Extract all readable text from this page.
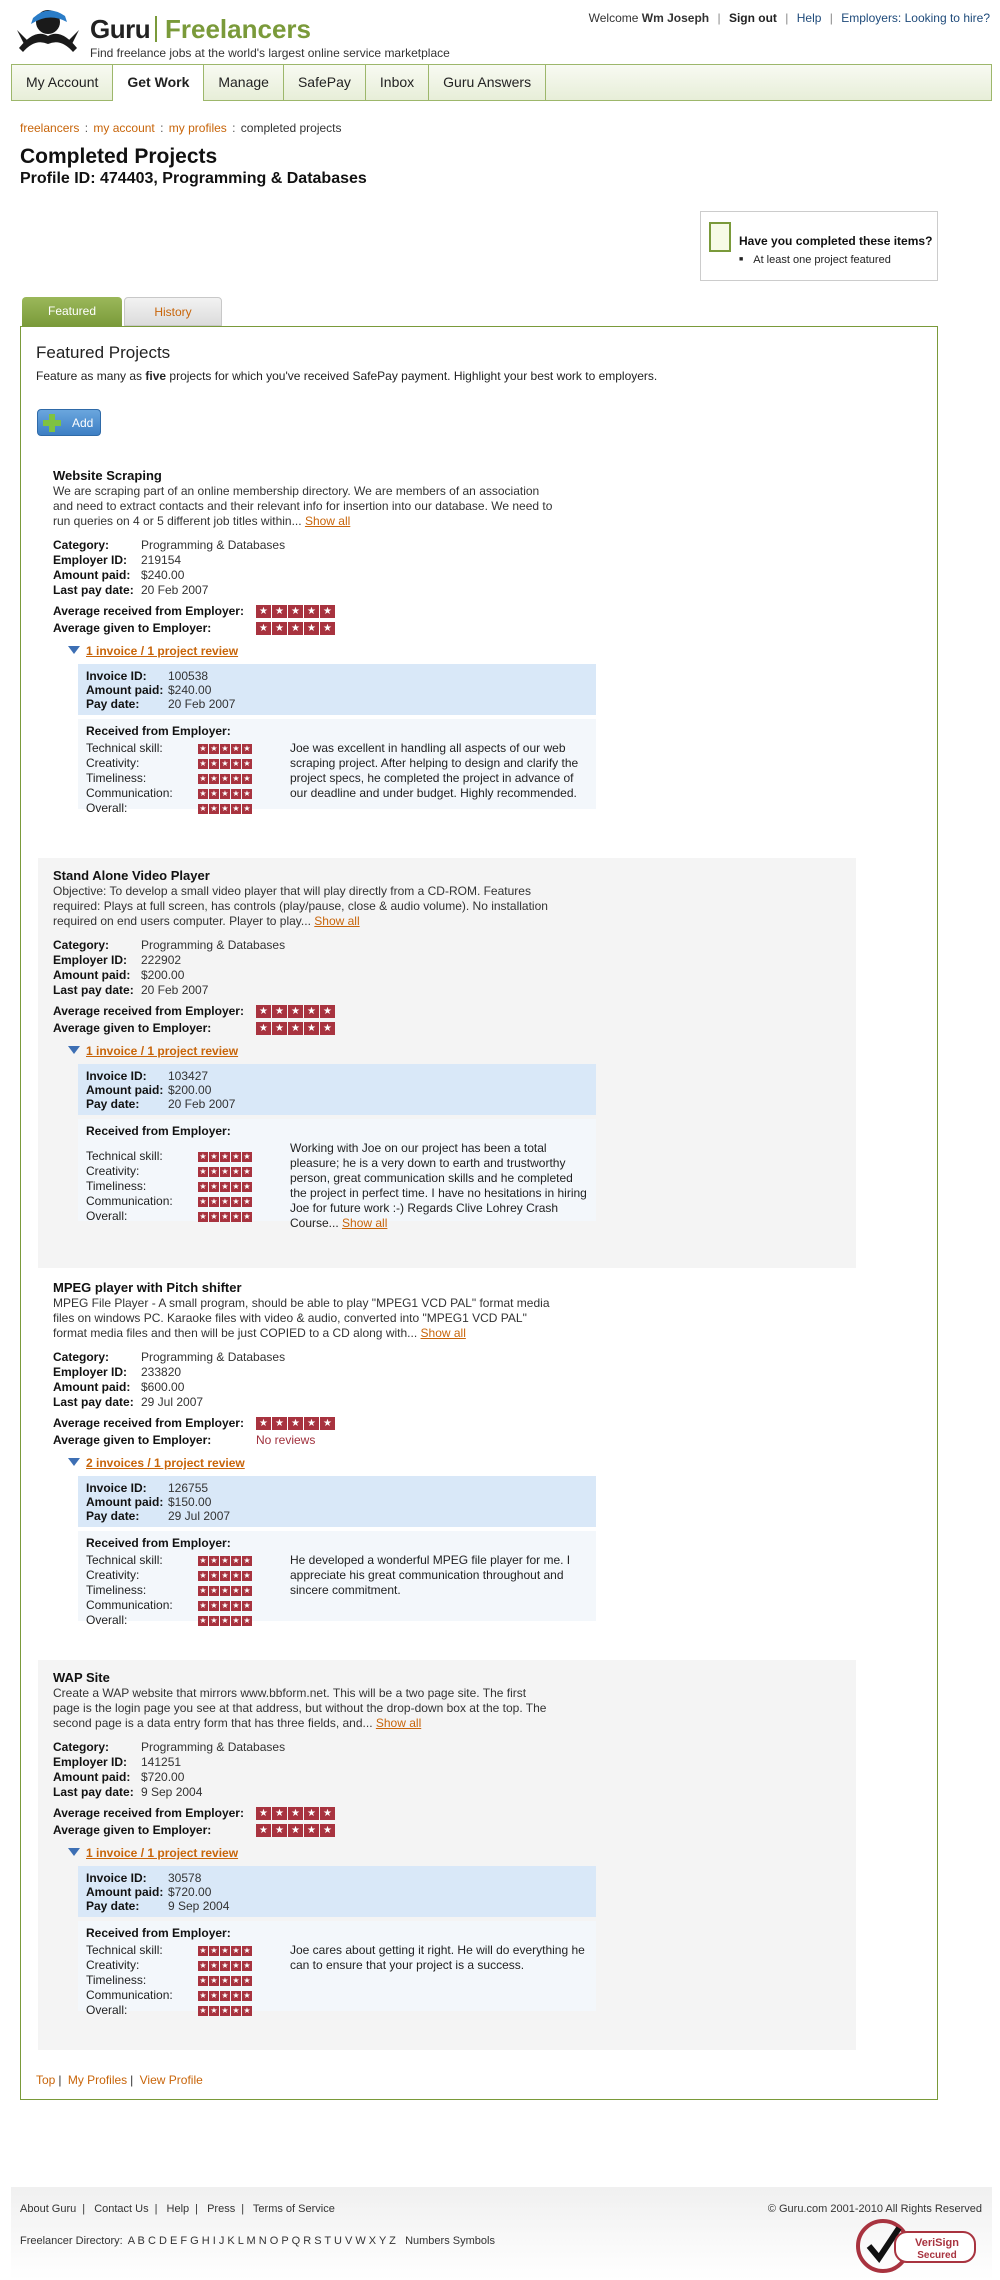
Guru Freelancers
Find freelance jobs at the world's largest online service marketplace
Welcome Wm Joseph | Sign out | Help | Employers: Looking to hire?
My Account	Get Work	Manage	SafePay	Inbox	Guru Answers
freelancers : my account : my profiles : completed projects
Completed Projects
Profile ID: 474403, Programming & Databases
Have you completed these items?
■ At least one project featured
Featured	History
Featured Projects
Feature as many as five projects for which you've received SafePay payment. Highlight your best work to employers.
Add
Website Scraping
We are scraping part of an online membership directory. We are members of an association and need to extract contacts and their relevant info for insertion into our database. We need to run queries on 4 or 5 different job titles within... Show all
Category:	Programming & Databases
Employer ID: 219154
Amount paid: $240.00
Last pay date: 20 Feb 2007
Average received from Employer:	★ ★ ★ ★ ★
Average given to Employer:	★ ★ ★ ★ ★
1 invoice / 1 project review
Invoice ID: 100538
Amount paid: $240.00
Pay date: 20 Feb 2007
Received from Employer:
Technical skill:	★ ★ ★ ★ ★
Creativity:	★ ★ ★ ★ ★
Timeliness:	★ ★ ★ ★ ★
Communication:	★ ★ ★ ★ ★
Overall:	★ ★ ★ ★ ★
Joe was excellent in handling all aspects of our web scraping project. After helping to design and clarify the project specs, he completed the project in advance of our deadline and under budget. Highly recommended.
Stand Alone Video Player
Objective: To develop a small video player that will play directly from a CD-ROM. Features required: Plays at full screen, has controls (play/pause, close & audio volume). No installation required on end users computer. Player to play... Show all
Category:	Programming & Databases
Employer ID: 222902
Amount paid: $200.00
Last pay date: 20 Feb 2007
Average received from Employer:	★ ★ ★ ★ ★
Average given to Employer:	★ ★ ★ ★ ★
1 invoice / 1 project review
Invoice ID: 103427
Amount paid: $200.00
Pay date: 20 Feb 2007
Received from Employer:
Technical skill:	★ ★ ★ ★ ★
Creativity:	★ ★ ★ ★ ★
Timeliness:	★ ★ ★ ★ ★
Communication:	★ ★ ★ ★ ★
Overall:	★ ★ ★ ★ ★
Working with Joe on our project has been a total pleasure; he is a very down to earth and trustworthy person, great communication skills and he completed the project in perfect time. I have no hesitations in hiring Joe for future work :-) Regards Clive Lohrey Crash Course... Show all
MPEG player with Pitch shifter
MPEG File Player - A small program, should be able to play "MPEG1 VCD PAL" format media files on windows PC. Karaoke files with video & audio, converted into "MPEG1 VCD PAL" format media files and then will be just COPIED to a CD along with... Show all
Category:	Programming & Databases
Employer ID: 233820
Amount paid: $600.00
Last pay date: 29 Jul 2007
Average received from Employer:	★ ★ ★ ★ ★
Average given to Employer:	No reviews
2 invoices / 1 project review
Invoice ID: 126755
Amount paid: $150.00
Pay date: 29 Jul 2007
Received from Employer:
Technical skill:	★ ★ ★ ★ ★
Creativity:	★ ★ ★ ★ ★
Timeliness:	★ ★ ★ ★ ★
Communication:	★ ★ ★ ★ ★
Overall:	★ ★ ★ ★ ★
He developed a wonderful MPEG file player for me. I appreciate his great communication throughout and sincere commitment.
WAP Site
Create a WAP website that mirrors www.bbform.net. This will be a two page site. The first page is the login page you see at that address, but without the drop-down box at the top. The second page is a data entry form that has three fields, and... Show all
Category:	Programming & Databases
Employer ID: 141251
Amount paid: $720.00
Last pay date: 9 Sep 2004
Average received from Employer:	★ ★ ★ ★ ★
Average given to Employer:	★ ★ ★ ★ ★
1 invoice / 1 project review
Invoice ID: 30578
Amount paid: $720.00
Pay date: 9 Sep 2004
Received from Employer:
Technical skill:	★ ★ ★ ★ ★
Creativity:	★ ★ ★ ★ ★
Timeliness:	★ ★ ★ ★ ★
Communication:	★ ★ ★ ★ ★
Overall:	★ ★ ★ ★ ★
Joe cares about getting it right. He will do everything he can to ensure that your project is a success.
Top | My Profiles | View Profile
About Guru | Contact Us | Help | Press | Terms of Service	© Guru.com 2001-2010 All Rights Reserved
Freelancer Directory: A B C D E F G H I J K L M N O P Q R S T U V W X Y Z Numbers Symbols	VeriSign
Secured
